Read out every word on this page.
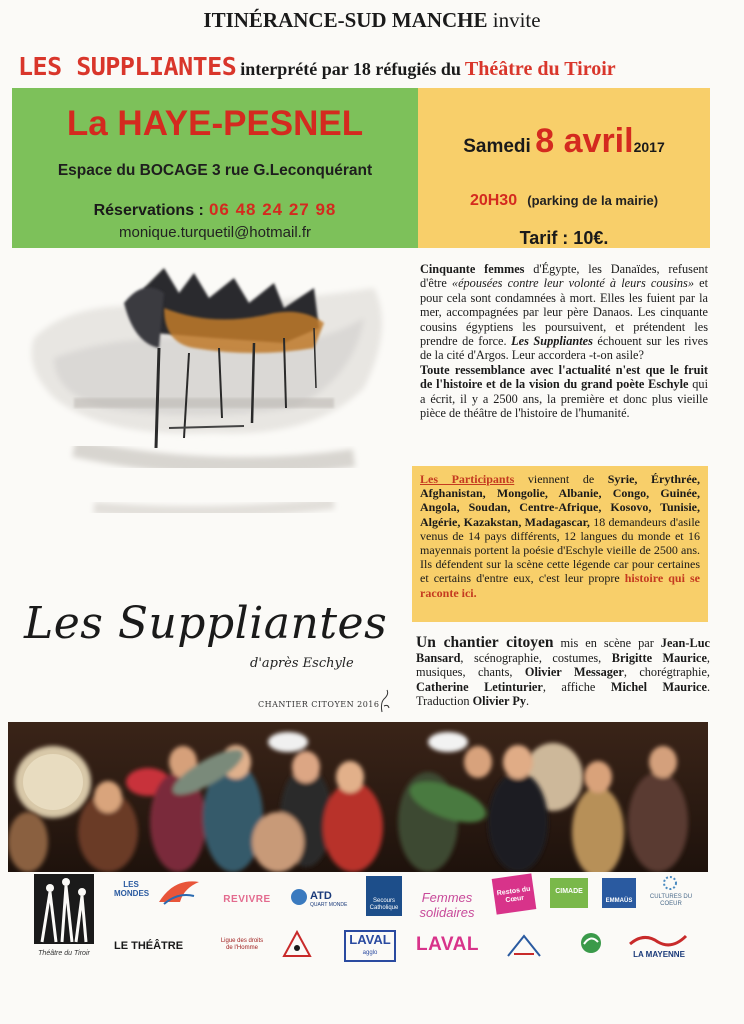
ITINÉRANCE-SUD MANCHE invite
LES SUPPLIANTES interprété par 18 réfugiés du Théâtre du Tiroir
La HAYE-PESNEL
Espace du BOCAGE 3 rue G.Leconquérant
Réservations : 06 48 24 27 98
monique.turquetil@hotmail.fr
Samedi 8 avril2017
20H30 (parking de la mairie)
Tarif : 10€.
Les Suppliantes
d'après Eschyle
CHANTIER CITOYEN 2016

Cinquante femmes d'Égypte, les Danaïdes, refusent d'être «épousées contre leur volonté à leurs cousins» et pour cela sont condamnées à mort. Elles les fuient par la mer, accompagnées par leur père Danaos. Les cinquante cousins égyptiens les poursuivent, et prétendent les prendre de force. Les Suppliantes échouent sur les rives de la cité d'Argos. Leur accordera -t-on asile?

Toute ressemblance avec l'actualité n'est que le fruit de l'histoire et de la vision du grand poète Eschyle qui a écrit, il y a 2500 ans, la première et donc plus vieille pièce de théâtre de l'histoire de l'humanité.

Les Participants viennent de Syrie, Érythrée, Afghanistan, Mongolie, Albanie, Congo, Guinée, Angola, Soudan, Centre-Afrique, Kosovo, Tunisie, Algérie, Kazakstan, Madagascar, 18 demandeurs d'asile venus de 14 pays différents, 12 langues du monde et 16 mayennais portent la poésie d'Eschyle vieille de 2500 ans. Ils défendent sur la scène cette légende car pour certaines et certains d'entre eux, c'est leur propre histoire qui se raconte ici.
Un chantier citoyen mis en scène par Jean-Luc Bansard, scénographie, costumes, Brigitte Maurice, musiques, chants, Olivier Messager, chorégtraphie, Catherine Letinturier, affiche Michel Maurice. Traduction Olivier Py.
Théâtre du Tiroir
LES MONDES
REVIVRE	ATD
QUART MONDE
Secours Catholique
Femmes solidaires
Restos du Cœur
CIMADE
EMMAÜS
CULTURES DU COEUR
LE THÉÂTRE	Ligue des droits de l'Homme
LAVAL
agglo	LAVAL	LA MAYENNE
